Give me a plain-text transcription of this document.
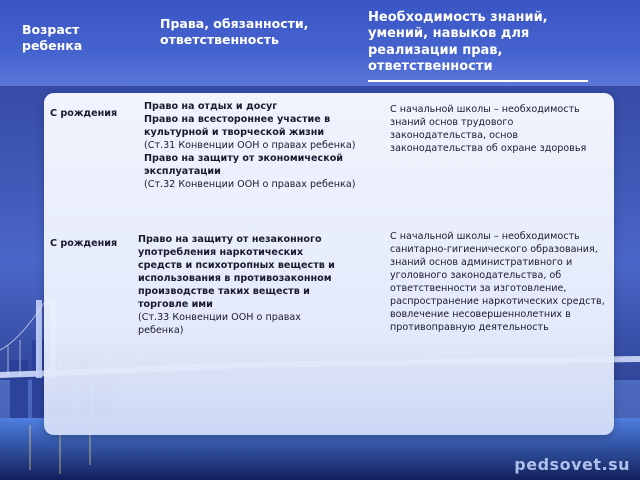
Возраст ребенка
Права, обязанности, ответственность
Необходимость знаний, умений, навыков для реализации прав, ответственности
С рождения
Право на отдых и досуг
Право на всестороннее участие в культурной и творческой жизни
(Ст.31 Конвенции ООН о правах ребенка)
Право на защиту от экономической эксплуатации
(Ст.32 Конвенции ООН о правах ребенка)
С начальной школы – необходимость знаний основ трудового законодательства, основ законодательства об охране здоровья
С рождения Право на защиту от незаконного употребления наркотических средств и психотропных веществ и использования в противозаконном производстве таких веществ и торговле ими
(Ст.33 Конвенции ООН о правах ребенка)
С начальной школы – необходимость санитарно-гигиенического образования, знаний основ административного и уголовного законодательства, об ответственности за изготовление, распространение наркотических средств, вовлечение несовершеннолетних в противоправную деятельность
pedsovet.su
